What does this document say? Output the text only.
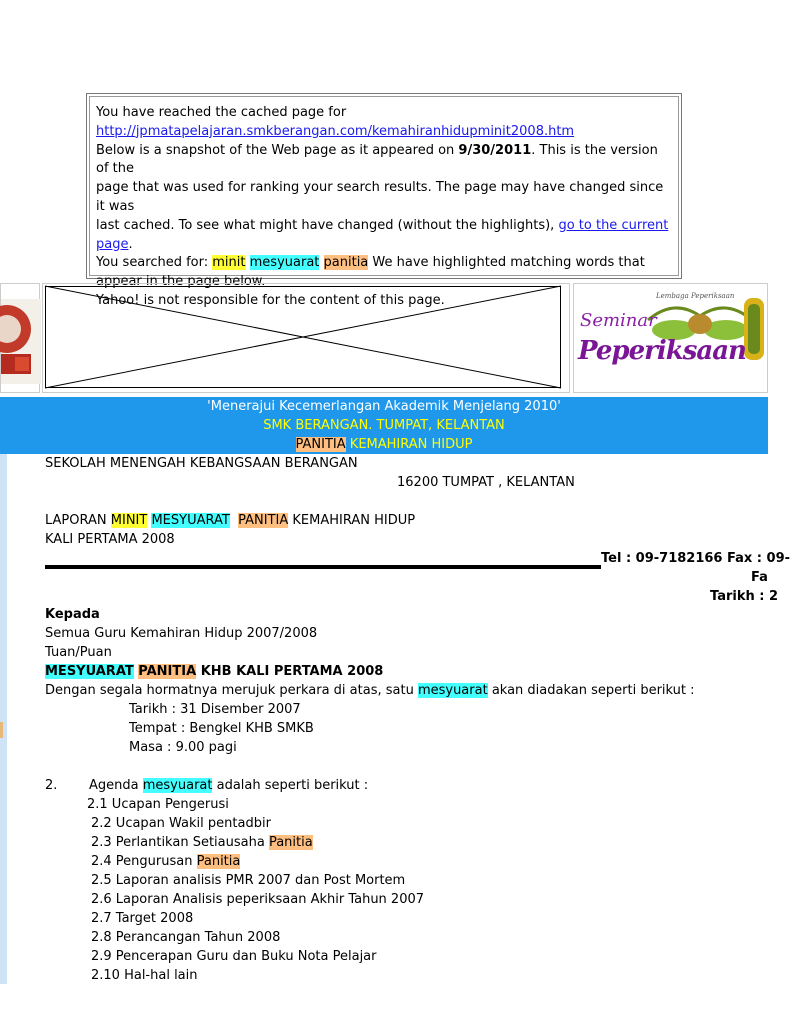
You have reached the cached page for

http://jpmatapelajaran.smkberangan.com/kemahiranhidupminit2008.htm

Below is a snapshot of the Web page as it appeared on 9/30/2011. This is the version of the

page that was used for ranking your search results. The page may have changed since it was

last cached. To see what might have changed (without the highlights), go to the current

page.

You searched for: minit mesyuarat panitia We have highlighted matching words that

appear in the page below.

Yahoo! is not responsible for the content of this page.	Lembaga Peperiksaan
Seminar
Peperiksaan
'Menerajui Kecemerlangan Akademik Menjelang 2010'
SMK BERANGAN. TUMPAT, KELANTAN
PANITIA KEMAHIRAN HIDUP
SEKOLAH MENENGAH KEBANGSAAN BERANGAN
16200 TUMPAT , KELANTAN
LAPORAN MINIT MESYUARAT PANITIA KEMAHIRAN HIDUP
KALI PERTAMA 2008
Tel : 09-7182166 Fax : 09-
Fa
Tarikh : 2
Kepada
Semua Guru Kemahiran Hidup 2007/2008
Tuan/Puan
MESYUARAT PANITIA KHB KALI PERTAMA 2008
Dengan segala hormatnya merujuk perkara di atas, satu mesyuarat akan diadakan seperti berikut :
Tarikh : 31 Disember 2007
Tempat : Bengkel KHB SMKB
Masa : 9.00 pagi
2. Agenda mesyuarat adalah seperti berikut :
2.1 Ucapan Pengerusi
2.2 Ucapan Wakil pentadbir
2.3 Perlantikan Setiausaha Panitia
2.4 Pengurusan Panitia
2.5 Laporan analisis PMR 2007 dan Post Mortem
2.6 Laporan Analisis peperiksaan Akhir Tahun 2007
2.7 Target 2008
2.8 Perancangan Tahun 2008
2.9 Pencerapan Guru dan Buku Nota Pelajar
2.10 Hal-hal lain
